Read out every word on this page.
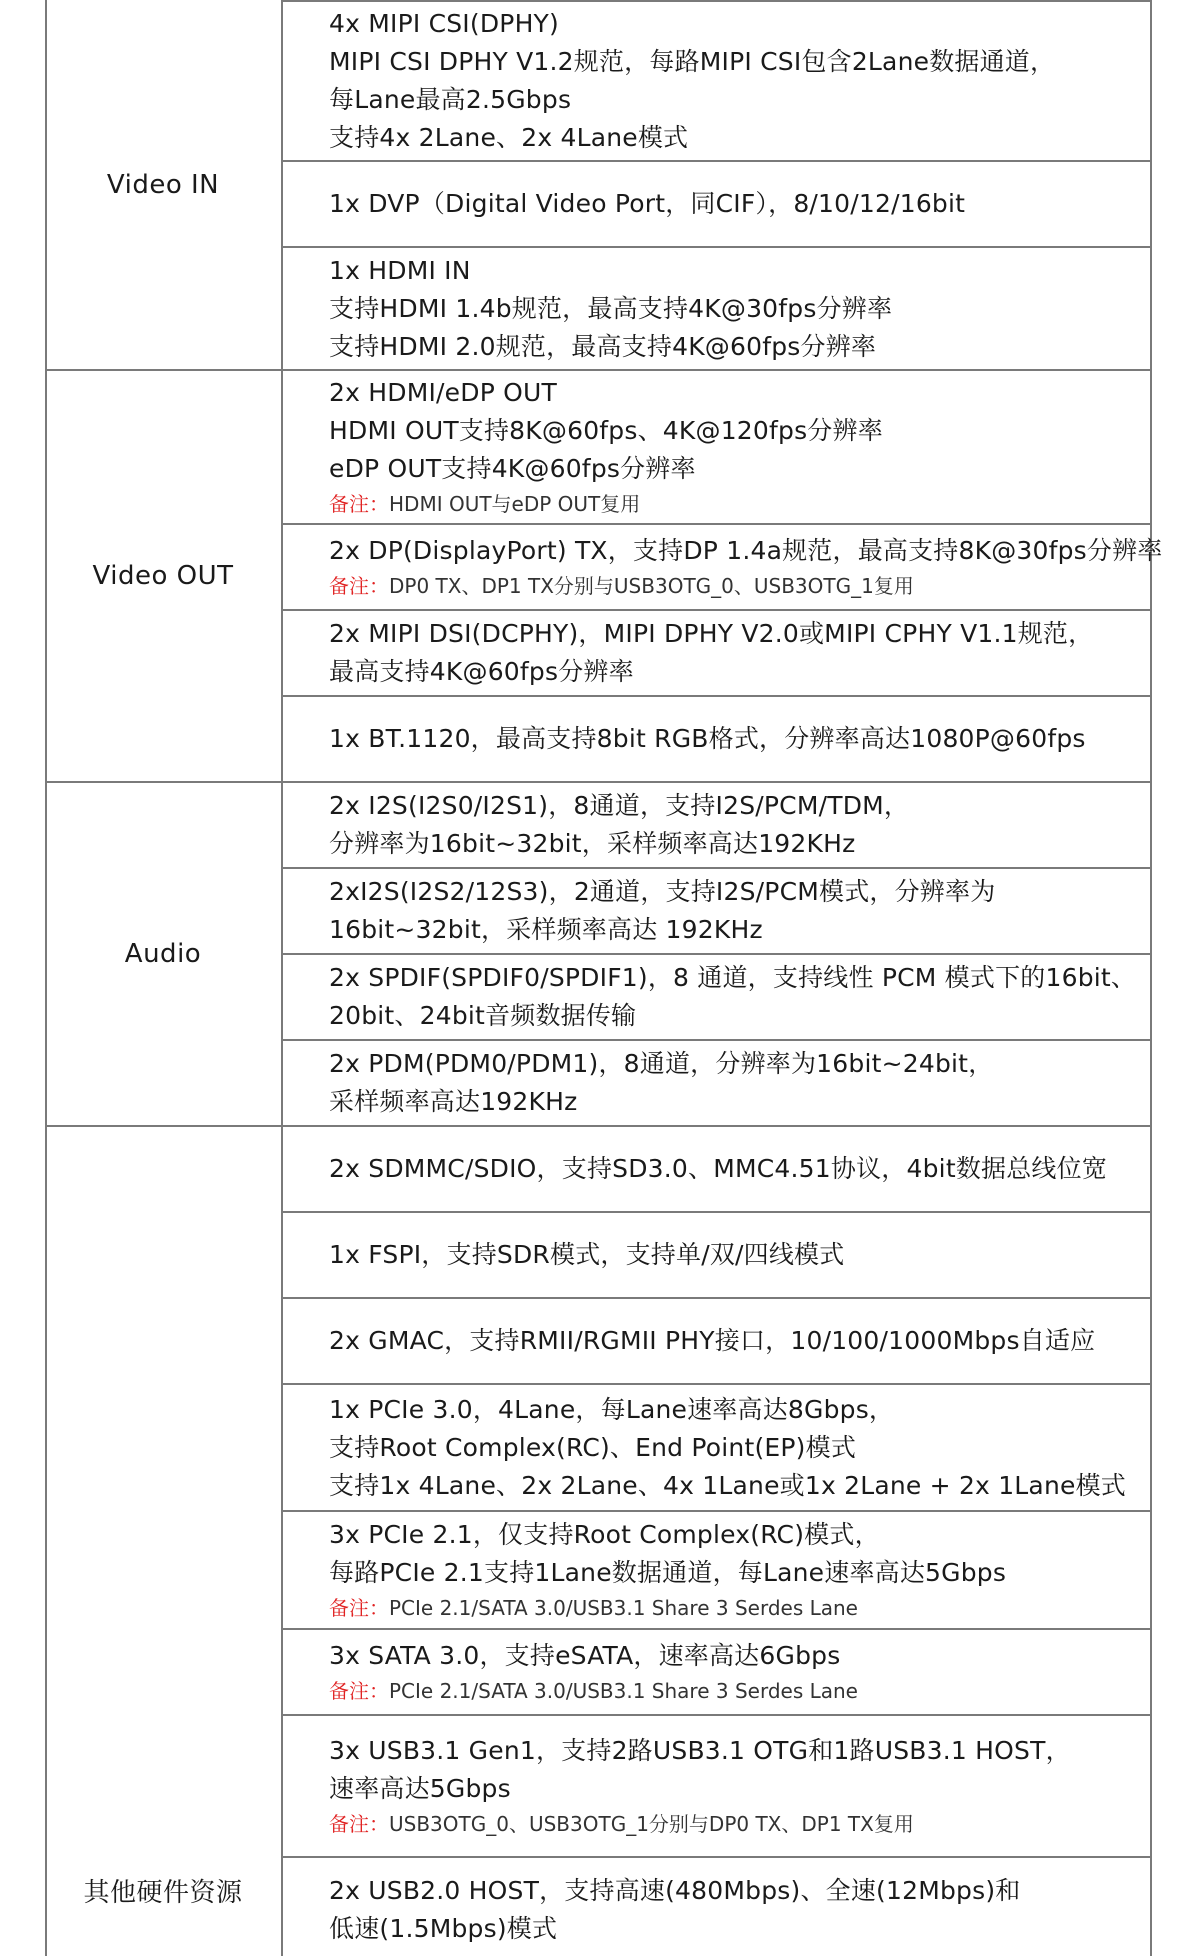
4x MIPI CSI(DPHY)
MIPI CSI DPHY V1.2规范，每路MIPI CSI包含2Lane数据通道，
每Lane最高2.5Gbps
支持4x 2Lane、2x 4Lane模式
1x DVP（Digital Video Port，同CIF），8/10/12/16bit
1x HDMI IN
支持HDMI 1.4b规范，最高支持4K@30fps分辨率
支持HDMI 2.0规范，最高支持4K@60fps分辨率
Video IN
2x HDMI/eDP OUT
HDMI OUT支持8K@60fps、4K@120fps分辨率
eDP OUT支持4K@60fps分辨率
备注：HDMI OUT与eDP OUT复用
2x DP(DisplayPort) TX，支持DP 1.4a规范，最高支持8K@30fps分辨率
备注：DP0 TX、DP1 TX分别与USB3OTG_0、USB3OTG_1复用
2x MIPI DSI(DCPHY)，MIPI DPHY V2.0或MIPI CPHY V1.1规范，
最高支持4K@60fps分辨率
1x BT.1120，最高支持8bit RGB格式，分辨率高达1080P@60fps
Video OUT
2x I2S(I2S0/I2S1)，8通道，支持I2S/PCM/TDM，
分辨率为16bit~32bit，采样频率高达192KHz
2xI2S(I2S2/12S3)，2通道，支持I2S/PCM模式，分辨率为
16bit~32bit，采样频率高达 192KHz
2x SPDIF(SPDIF0/SPDIF1)，8 通道，支持线性 PCM 模式下的16bit、
20bit、24bit音频数据传输
2x PDM(PDM0/PDM1)，8通道，分辨率为16bit~24bit，
采样频率高达192KHz
Audio
2x SDMMC/SDIO，支持SD3.0、MMC4.51协议，4bit数据总线位宽
1x FSPI，支持SDR模式，支持单/双/四线模式
2x GMAC，支持RMII/RGMII PHY接口，10/100/1000Mbps自适应
1x PCIe 3.0，4Lane，每Lane速率高达8Gbps，
支持Root Complex(RC)、End Point(EP)模式
支持1x 4Lane、2x 2Lane、4x 1Lane或1x 2Lane + 2x 1Lane模式
3x PCIe 2.1，仅支持Root Complex(RC)模式，
每路PCIe 2.1支持1Lane数据通道，每Lane速率高达5Gbps
备注：PCIe 2.1/SATA 3.0/USB3.1 Share 3 Serdes Lane
3x SATA 3.0，支持eSATA，速率高达6Gbps
备注：PCIe 2.1/SATA 3.0/USB3.1 Share 3 Serdes Lane
3x USB3.1 Gen1，支持2路USB3.1 OTG和1路USB3.1 HOST，
速率高达5Gbps
备注：USB3OTG_0、USB3OTG_1分别与DP0 TX、DP1 TX复用
2x USB2.0 HOST，支持高速(480Mbps)、全速(12Mbps)和
低速(1.5Mbps)模式
其他硬件资源
